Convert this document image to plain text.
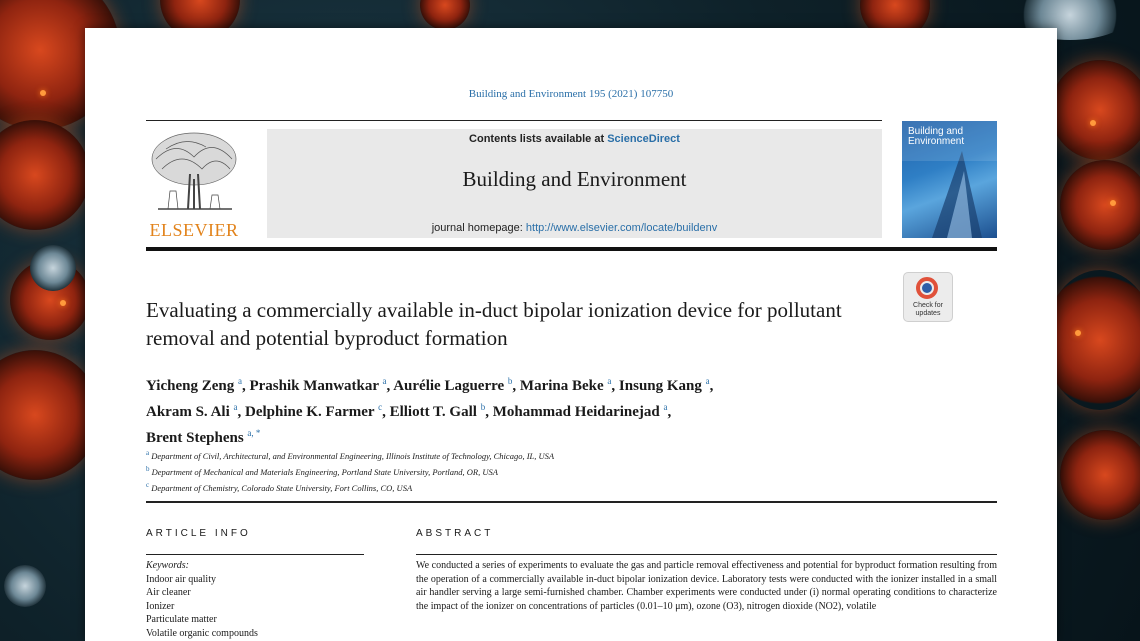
Building and Environment 195 (2021) 107750
ELSEVIER
Contents lists available at ScienceDirect
Building and Environment
journal homepage: http://www.elsevier.com/locate/buildenv
Building and
Environment
Check for updates
Evaluating a commercially available in-duct bipolar ionization device for pollutant removal and potential byproduct formation
Yicheng Zeng $^a$, Prashik Manwatkar $^a$, Aurélie Laguerre $^b$, Marina Beke $^a$, Insung Kang $^a$,
Akram S. Ali $^a$, Delphine K. Farmer $^c$, Elliott T. Gall $^b$, Mohammad Heidarinejad $^a$,
Brent Stephens $^{a, *}$
$^a$ Department of Civil, Architectural, and Environmental Engineering, Illinois Institute of Technology, Chicago, IL, USA
$^b$ Department of Mechanical and Materials Engineering, Portland State University, Portland, OR, USA
$^c$ Department of Chemistry, Colorado State University, Fort Collins, CO, USA
ARTICLE INFO	ABSTRACT
Keywords:
Indoor air quality
Air cleaner
Ionizer
Particulate matter
Volatile organic compounds

We conducted a series of experiments to evaluate the gas and particle removal effectiveness and potential for byproduct formation resulting from the operation of a commercially available in-duct bipolar ionization device. Laboratory tests were conducted with the ionizer installed in a small air handler serving a large semi-furnished chamber. Chamber experiments were conducted under (i) normal operating conditions to characterize the impact of the ionizer on concentrations of particles (0.01–10 μm), ozone (O3), nitrogen dioxide (NO2), volatile
